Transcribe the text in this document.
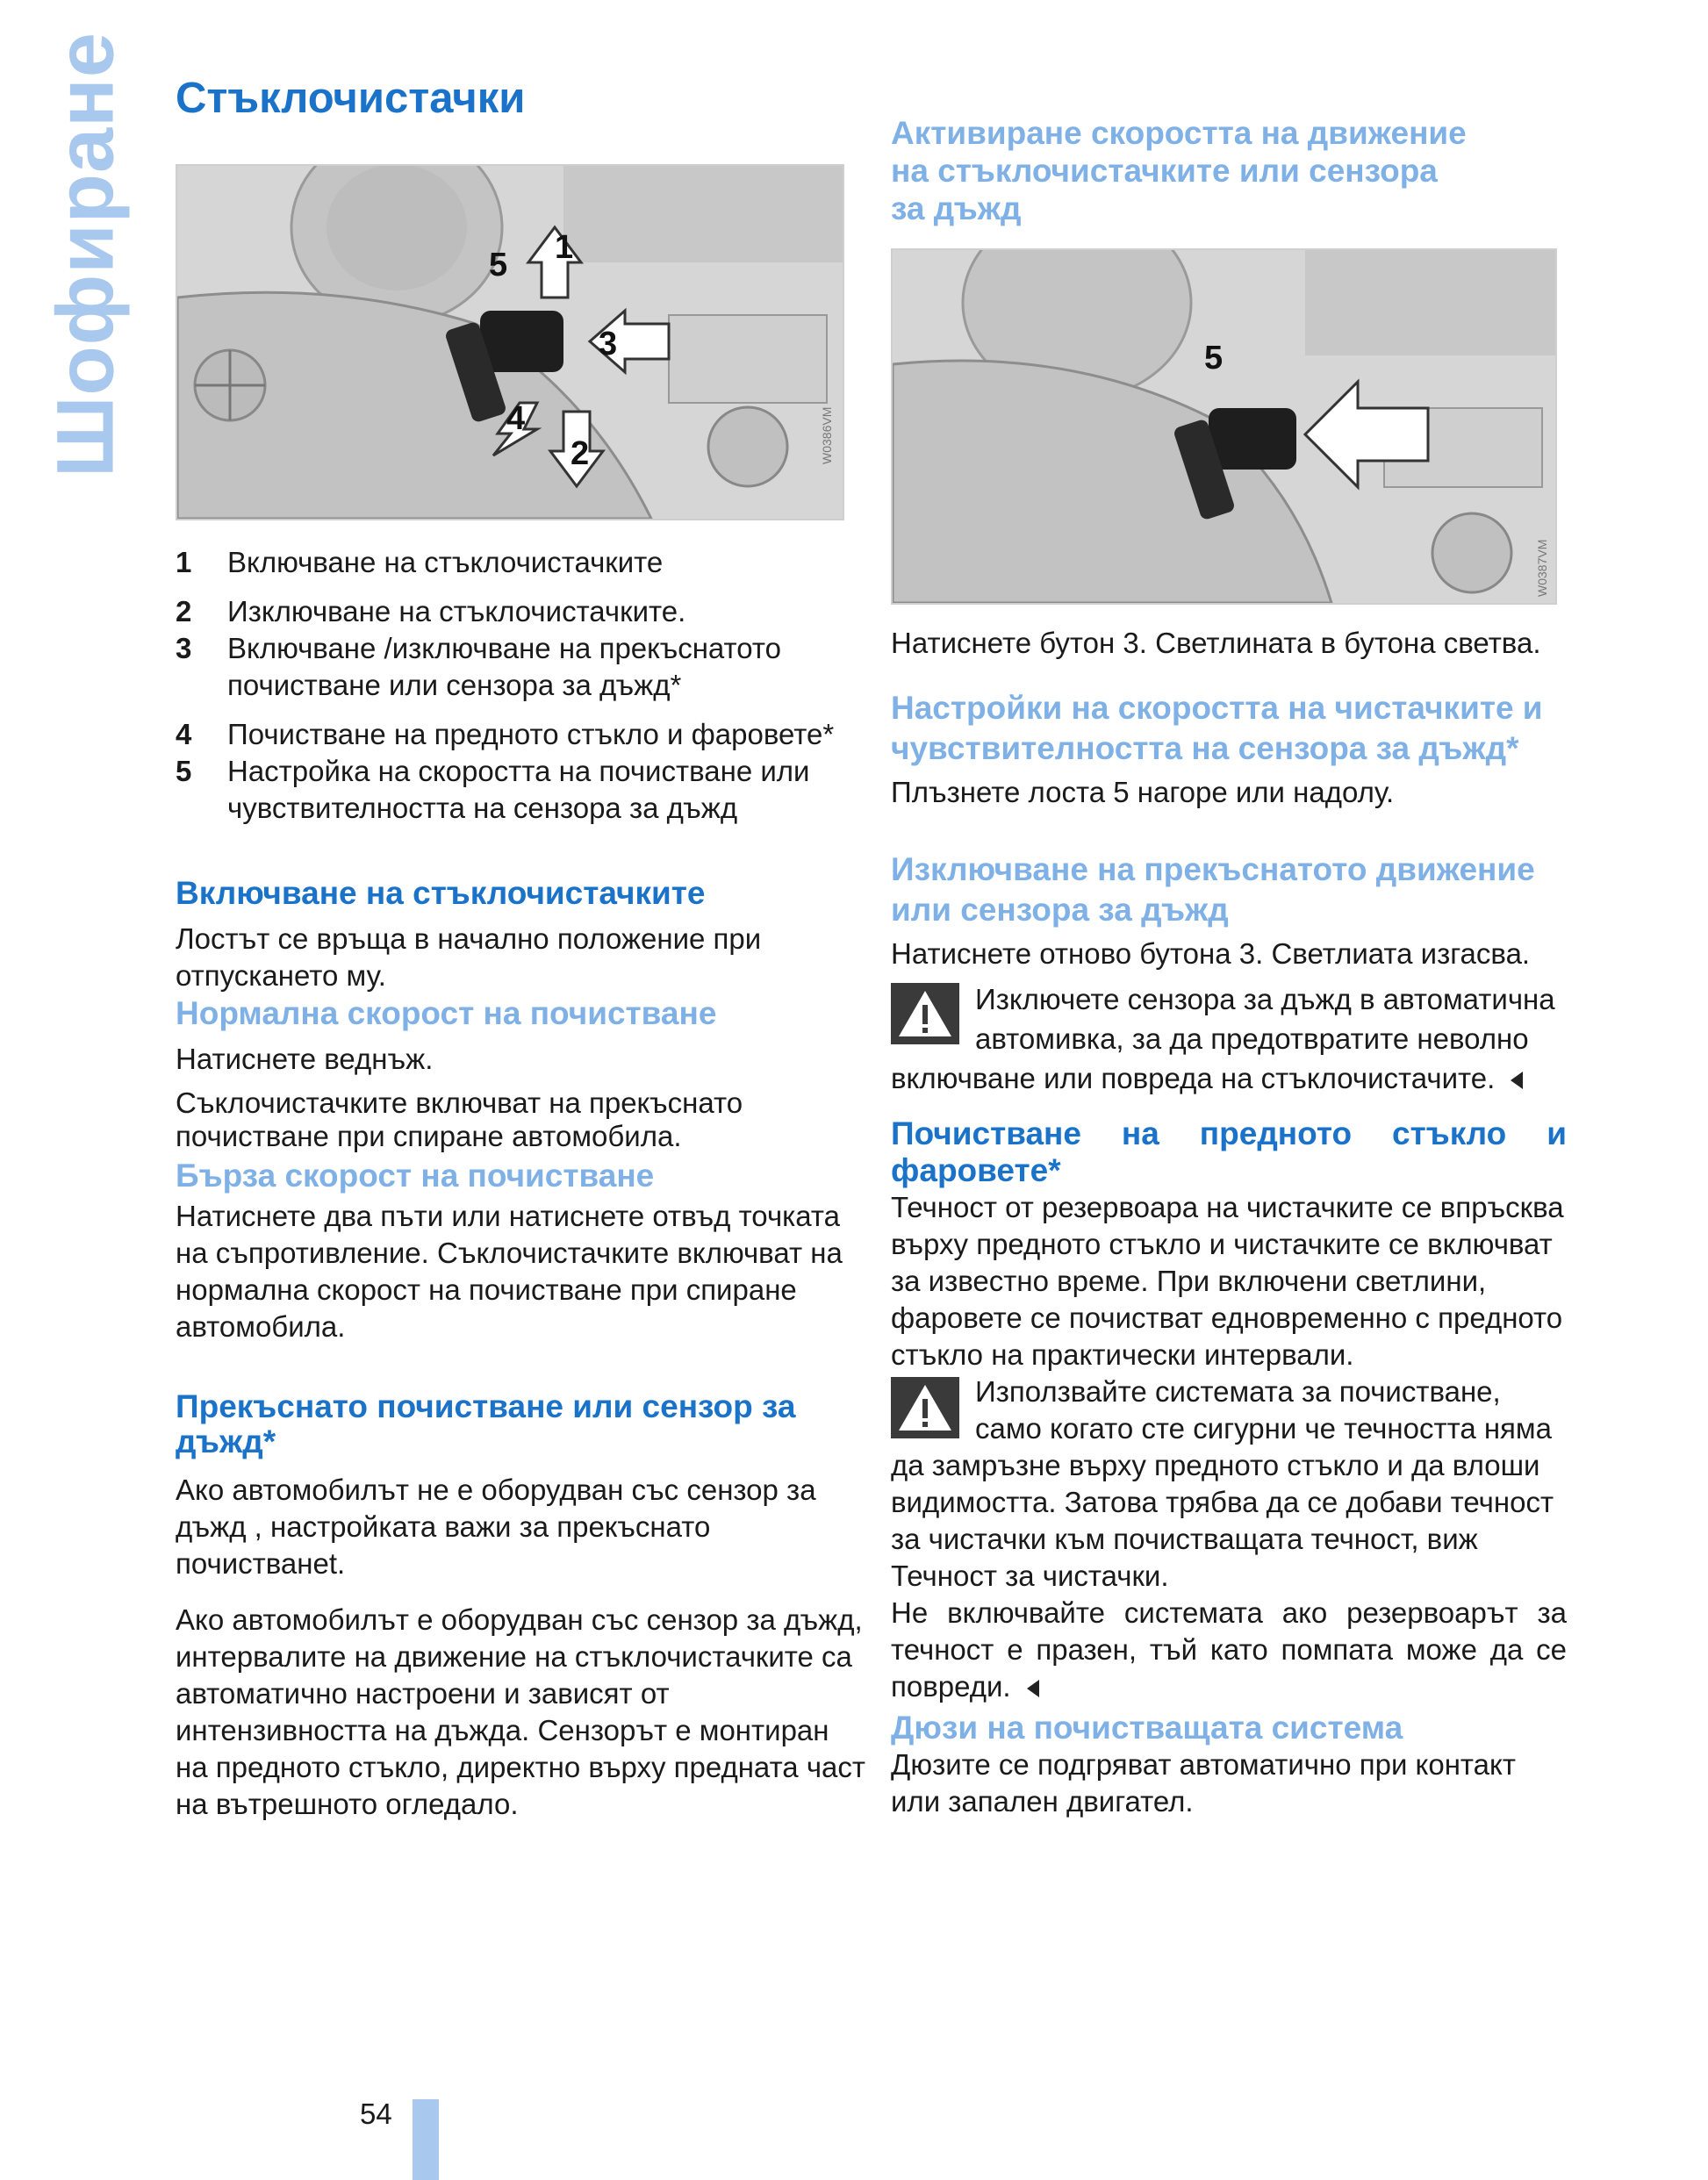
Шофиране Стъклочистачки
1
2
3
4
5
W0386VM
1	Включване на стъклочистачките
2	Изключване на стъклочистачките.
3	Включване /изключване на прекъснатото почистване или сензора за дъжд*
4	Почистване на предното стъкло и фаровете*
5	Настройка на скоростта на почистване или чувствителността на сензора за дъжд

Включване на стъклочистачките

Лостът се връща в начално положение при отпускането му.

Нормална скорост на почистване

Натиснете веднъж.

Съклочистачките включват на прекъснато почистване при спиране автомобила.

Бърза скорост на почистване

Натиснете два пъти или натиснете отвъд точката на съпротивление. Съклочистачките включват на нормална скорост на почистване при спиране автомобила.

Прекъснато почистване или сензор за дъжд*

Ако автомобилът не е оборудван със сензор за дъжд , настройката важи за прекъснато почистванеt.

Ако автомобилът е оборудван със сензор за дъжд, интервалите на движение на стъклочистачките са автоматично настроени и зависят от интензивността на дъжда. Сензорът е монтиран на предното стъкло, директно върху предната част на вътрешното огледало.

Активиране скоростта на движение на стъклочистачките или сензора за дъжд

5
W0387VM

Натиснете бутон 3. Светлината в бутона светва.

Настройки на скоростта на чистачките и чувствителността на сензора за дъжд*

Плъзнете лоста 5 нагоре или надолу.

Изключване на прекъснатото движение или сензора за дъжд

Натиснете отново бутона 3. Светлиата изгасва.

Изключете сензора за дъжд в автоматична автомивка, за да предотвратите неволно включване или повреда на стъклочистачите.

Почистване на предното стъкло и фаровете*

Течност от резервоара на чистачките се впръсква върху предното стъкло и чистачките се включват за известно време. При включени светлини, фаровете се почистват едновременно с предното стъкло на практически интервали.

Използвайте системата за почистване, само когато сте сигурни че течността няма да замръзне върху предното стъкло и да влоши видимостта. Затова трябва да се добави течност за чистачки към почистващата течност, виж Течност за чистачки.
Не включвайте системата ако резервоарът за течност е празен, тъй като помпата може да се повреди.

Дюзи на почистващата система

Дюзите се подгряват автоматично при контакт или запален двигател.

54
